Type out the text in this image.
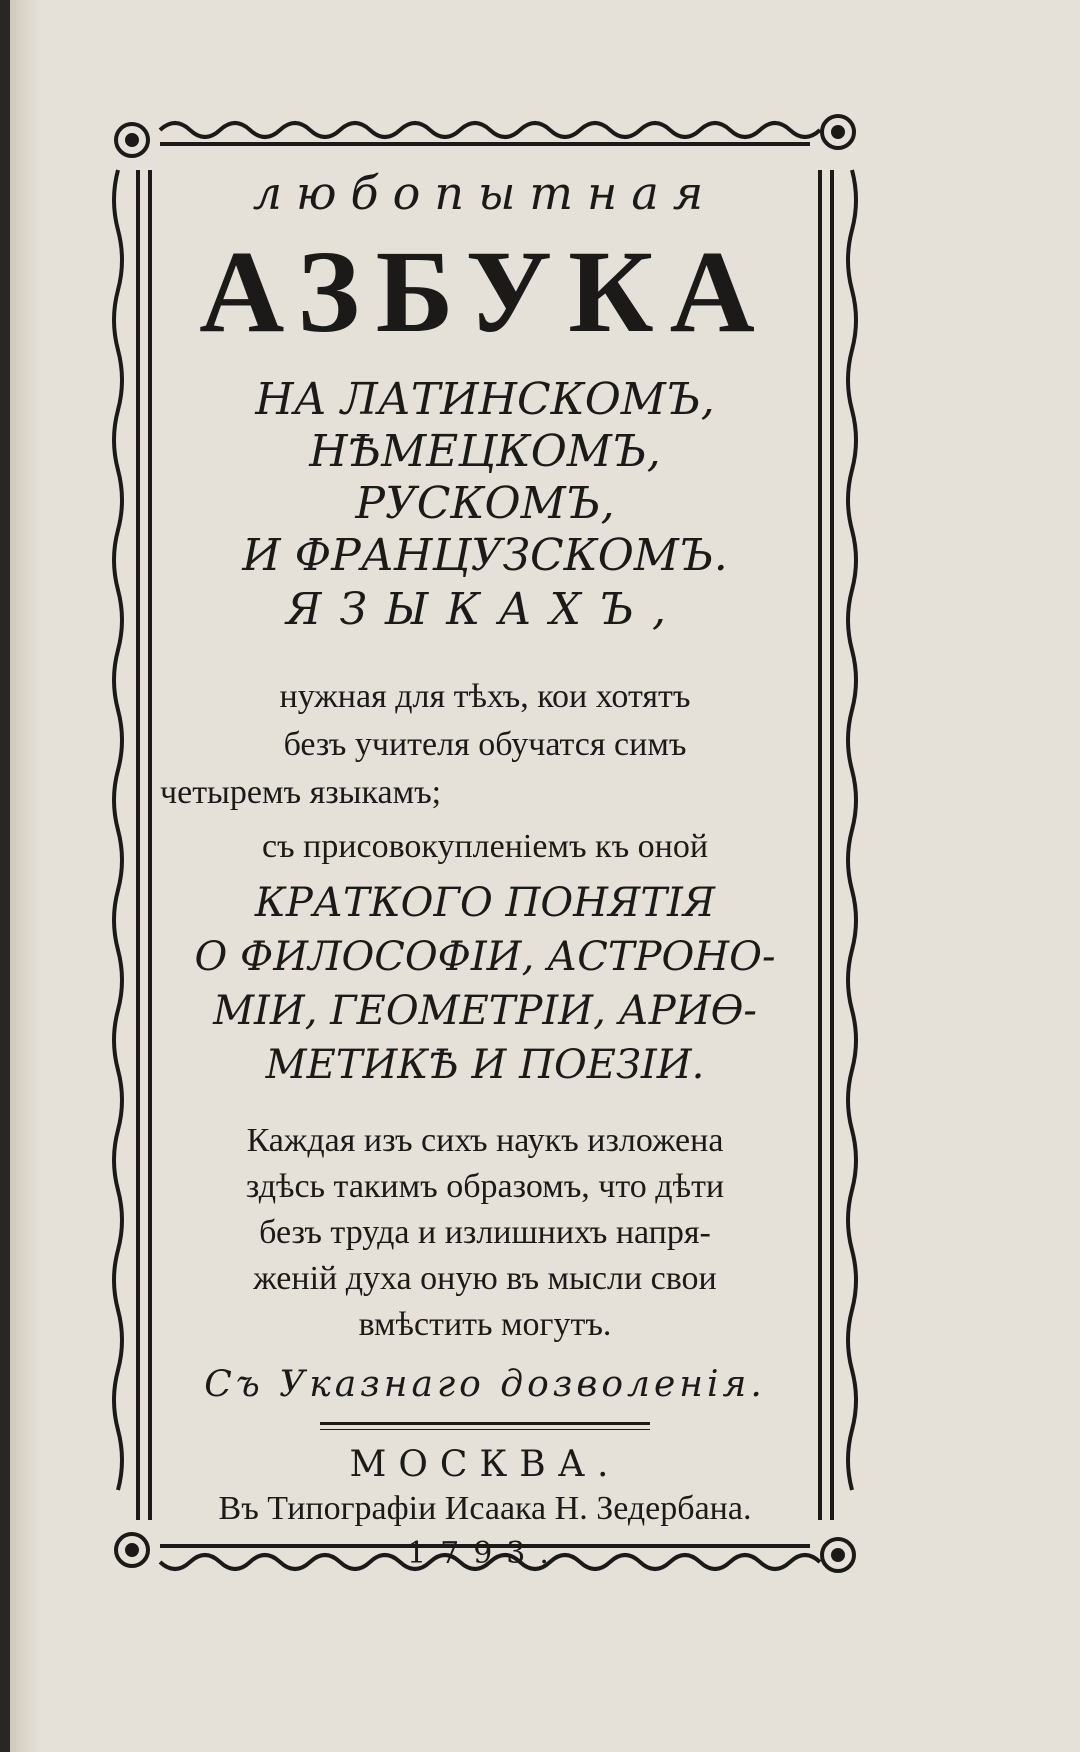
любопытная
АЗБУКА
НА ЛАТИНСКОМЪ,
НѢМЕЦКОМЪ,
РУСКОМЪ,
И ФРАНЦУЗСКОМЪ.
ЯЗЫКАХЪ,
нужная для тѣхъ, кои хотятъ
безъ учителя обучатся симъ
четыремъ языкамъ;
съ присовокупленiемъ къ оной
КРАТКОГО ПОНЯТIЯ
О ФИЛОСОФIИ, АСТРОНО-
МIИ, ГЕОМЕТРIИ, АРИѲ-
МЕТИКѢ И ПОЕЗIИ.
Каждая изъ сихъ наукъ изложена
здѣсь такимъ образомъ, что дѣти
безъ труда и излишнихъ напря-
женiй духа оную въ мысли свои
вмѣстить могутъ.
Съ Указнаго дозволенiя.
МОСКВА.
Въ Типографiи Исаака Н. Зедербана.
1793.
